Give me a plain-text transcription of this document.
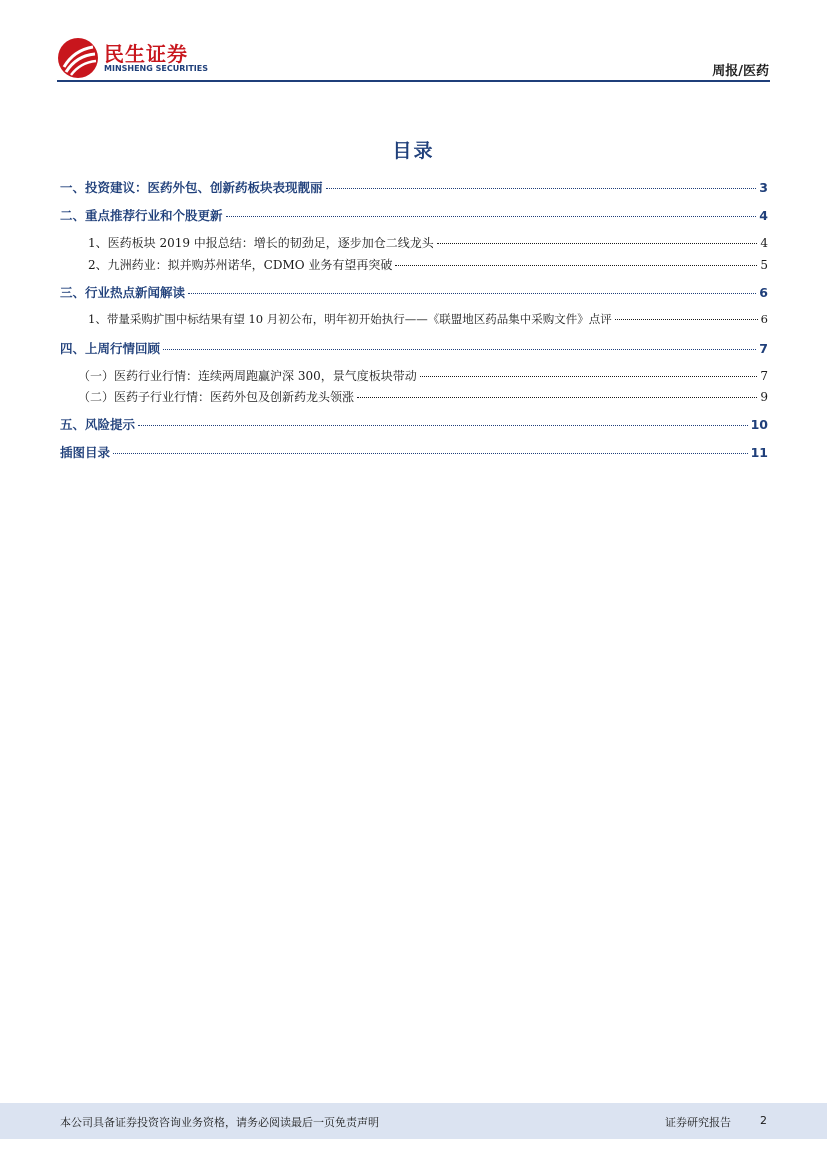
民生证券
MINSHENG SECURITIES	周报/医药
目录
一、投资建议：医药外包、创新药板块表现靓丽	3
二、重点推荐行业和个股更新	4
1、医药板块 2019 中报总结：增长的韧劲足，逐步加仓二线龙头	4
2、九洲药业：拟并购苏州诺华，CDMO 业务有望再突破	5
三、行业热点新闻解读	6
1、带量采购扩围中标结果有望 10 月初公布，明年初开始执行——《联盟地区药品集中采购文件》点评	6
四、上周行情回顾	7
（一）医药行业行情：连续两周跑赢沪深 300，景气度板块带动	7
（二）医药子行业行情：医药外包及创新药龙头领涨	9
五、风险提示	10
插图目录	11
本公司具备证券投资咨询业务资格，请务必阅读最后一页免责声明	证券研究报告	2
